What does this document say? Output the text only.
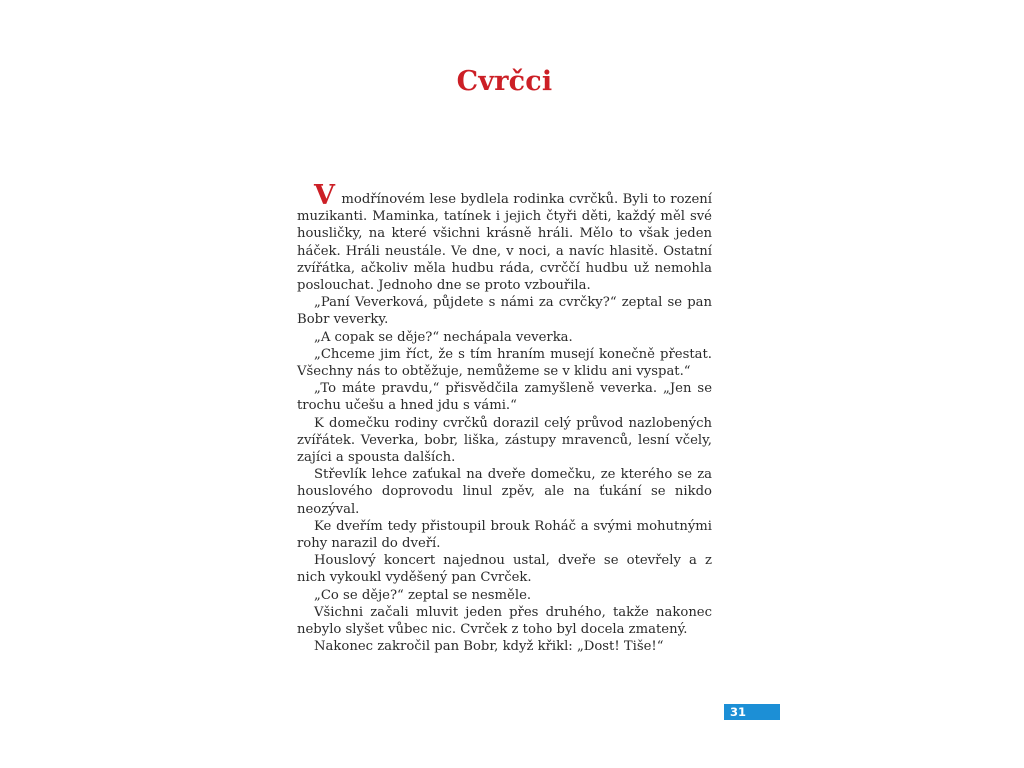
Cvrčci

V modřínovém lese bydlela rodinka cvrčků. Byli to rození muzikanti. Maminka, tatínek i jejich čtyři děti, každý měl své housličky, na které všichni krásně hráli. Mělo to však jeden háček. Hráli neustále. Ve dne, v noci, a navíc hlasitě. Ostatní zvířátka, ačkoliv měla hudbu ráda, cvrččí hudbu už nemohla poslouchat. Jednoho dne se proto vzbouřila.

„Paní Veverková, půjdete s námi za cvrčky?“ zeptal se pan Bobr veverky.

„A copak se děje?“ nechápala veverka.

„Chceme jim říct, že s tím hraním musejí konečně přestat. Všechny nás to obtěžuje, nemůžeme se v klidu ani vyspat.“

„To máte pravdu,“ přisvědčila zamyšleně veverka. „Jen se trochu učešu a hned jdu s vámi.“

K domečku rodiny cvrčků dorazil celý průvod nazlobených zvířátek. Veverka, bobr, liška, zástupy mravenců, lesní včely, zajíci a spousta dalších.

Střevlík lehce zaťukal na dveře domečku, ze kterého se za houslového doprovodu linul zpěv, ale na ťukání se nikdo neozýval.

Ke dveřím tedy přistoupil brouk Roháč a svými mohutnými rohy narazil do dveří.

Houslový koncert najednou ustal, dveře se otevřely a z nich vykoukl vyděšený pan Cvrček.

„Co se děje?“ zeptal se nesměle.

Všichni začali mluvit jeden přes druhého, takže nakonec nebylo slyšet vůbec nic. Cvrček z toho byl docela zmatený.

Nakonec zakročil pan Bobr, když křikl: „Dost! Tiše!“

31
